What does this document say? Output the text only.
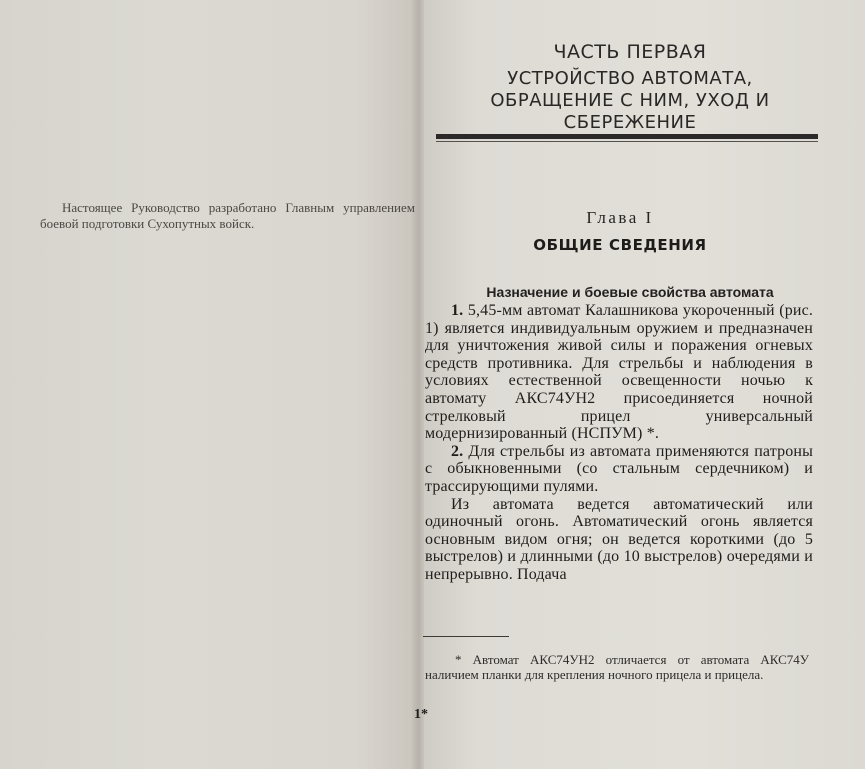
Настоящее Руководство разработано Главным управлением боевой подготовки Сухопутных войск.
ЧАСТЬ ПЕРВАЯ
УСТРОЙСТВО АВТОМАТА, ОБРАЩЕНИЕ С НИМ, УХОД И СБЕРЕЖЕНИЕ
Глава I
ОБЩИЕ СВЕДЕНИЯ
Назначение и боевые свойства автомата

1. 5,45-мм автомат Калашникова укороченный (рис. 1) является индивидуальным оружием и предназначен для уничтожения живой силы и поражения огневых средств противника. Для стрельбы и наблюдения в условиях естественной освещенности ночью к автомату АКС74УН2 присоединяется ночной стрелковый прицел универсальный модернизированный (НСПУМ) *.

2. Для стрельбы из автомата применяются патроны с обыкновенными (со стальным сердечником) и трассирующими пулями.

Из автомата ведется автоматический или одиночный огонь. Автоматический огонь является основным видом огня; он ведется короткими (до 5 выстрелов) и длинными (до 10 выстрелов) очередями и непрерывно. Подача

* Автомат АКС74УН2 отличается от автомата АКС74У наличием планки для крепления ночного прицела и прицела.
1*
